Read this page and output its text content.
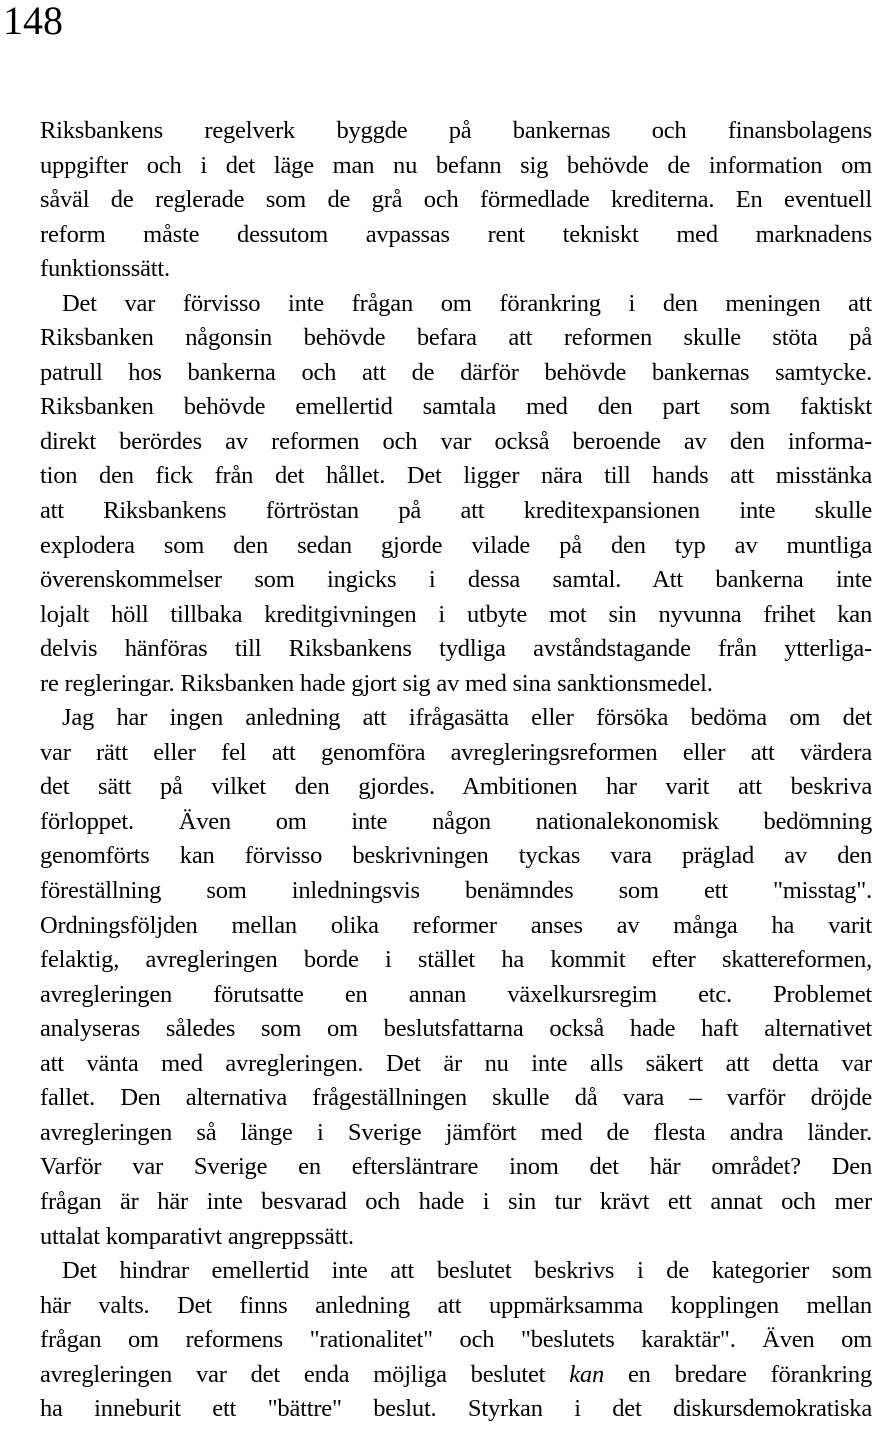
148
Riksbankens regelverk byggde på bankernas och finansbolagens
uppgifter och i det läge man nu befann sig behövde de information om
såväl de reglerade som de grå och förmedlade krediterna. En eventuell
reform måste dessutom avpassas rent tekniskt med marknadens
funktionssätt.
Det var förvisso inte frågan om förankring i den meningen att
Riksbanken någonsin behövde befara att reformen skulle stöta på
patrull hos bankerna och att de därför behövde bankernas samtycke.
Riksbanken behövde emellertid samtala med den part som faktiskt
direkt berördes av reformen och var också beroende av den informa-
tion den fick från det hållet. Det ligger nära till hands att misstänka
att Riksbankens förtröstan på att kreditexpansionen inte skulle
explodera som den sedan gjorde vilade på den typ av muntliga
överenskommelser som ingicks i dessa samtal. Att bankerna inte
lojalt höll tillbaka kreditgivningen i utbyte mot sin nyvunna frihet kan
delvis hänföras till Riksbankens tydliga avståndstagande från ytterliga-
re regleringar. Riksbanken hade gjort sig av med sina sanktionsmedel.
Jag har ingen anledning att ifrågasätta eller försöka bedöma om det
var rätt eller fel att genomföra avregleringsreformen eller att värdera
det sätt på vilket den gjordes. Ambitionen har varit att beskriva
förloppet. Även om inte någon nationalekonomisk bedömning
genomförts kan förvisso beskrivningen tyckas vara präglad av den
föreställning som inledningsvis benämndes som ett "misstag".
Ordningsföljden mellan olika reformer anses av många ha varit
felaktig, avregleringen borde i stället ha kommit efter skattereformen,
avregleringen förutsatte en annan växelkursregim etc. Problemet
analyseras således som om beslutsfattarna också hade haft alternativet
att vänta med avregleringen. Det är nu inte alls säkert att detta var
fallet. Den alternativa frågeställningen skulle då vara – varför dröjde
avregleringen så länge i Sverige jämfört med de flesta andra länder.
Varför var Sverige en eftersläntrare inom det här området? Den
frågan är här inte besvarad och hade i sin tur krävt ett annat och mer
uttalat komparativt angreppssätt.
Det hindrar emellertid inte att beslutet beskrivs i de kategorier som
här valts. Det finns anledning att uppmärksamma kopplingen mellan
frågan om reformens "rationalitet" och "beslutets karaktär". Även om
avregleringen var det enda möjliga beslutet kan en bredare förankring
ha inneburit ett "bättre" beslut. Styrkan i det diskursdemokratiska
